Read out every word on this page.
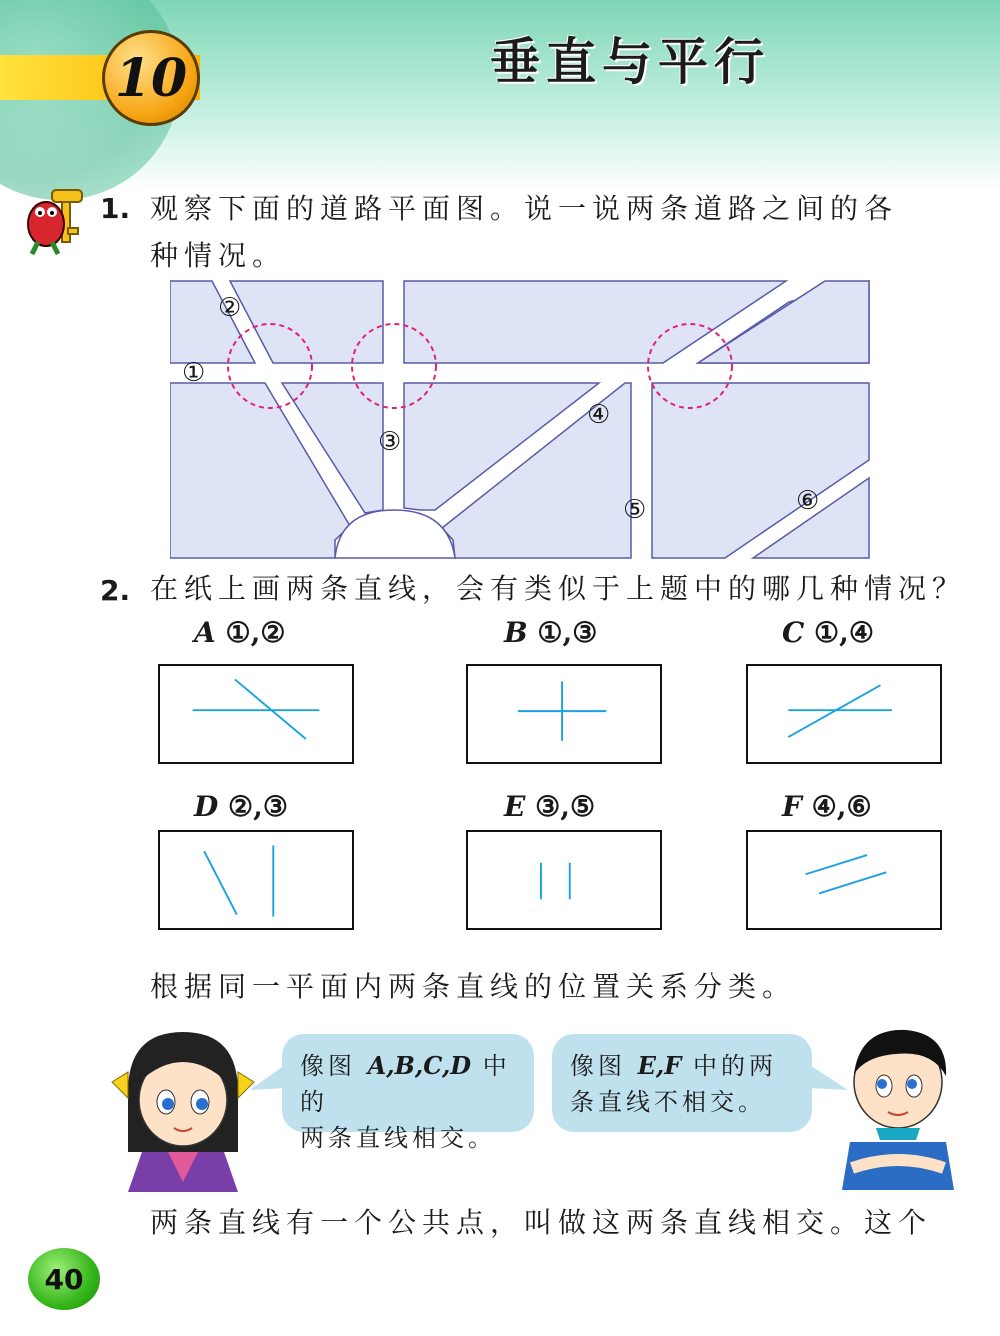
10	垂直与平行
1. 观察下面的道路平面图。说一说两条道路之间的各
种情况。
①
②
③
④
⑤	⑥
2. 在纸上画两条直线，会有类似于上题中的哪几种情况？
A ①,②	B ①,③	C ①,④
D ②,③	E ③,⑤	F ④,⑥
根据同一平面内两条直线的位置关系分类。
像图 A,B,C,D 中的
两条直线相交。
像图 E,F 中的两
条直线不相交。
两条直线有一个公共点，叫做这两条直线相交。这个
40
